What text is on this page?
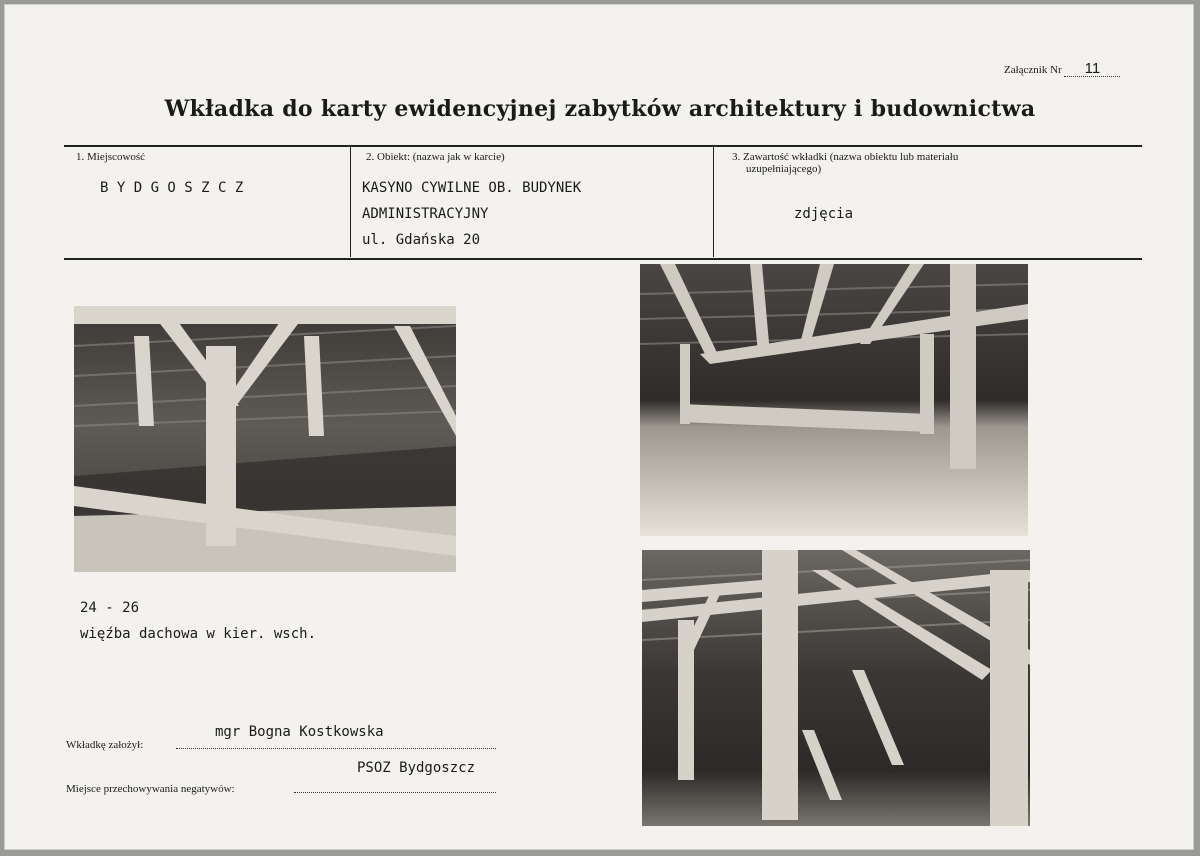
Załącznik Nr 11
Wkładka do karty ewidencyjnej zabytków architektury i budownictwa
1. Miejscowość
B Y D G O S Z C Z
2. Obiekt: (nazwa jak w karcie)
KASYNO CYWILNE OB. BUDYNEK
ADMINISTRACYJNY
ul. Gdańska 20
3. Zawartość wkładki (nazwa obiektu lub materiału
uzupełniającego)
zdjęcia
24 - 26
więźba dachowa w kier. wsch.
mgr Bogna Kostkowska
Wkładkę założył:
PSOZ Bydgoszcz
Miejsce przechowywania negatywów:
